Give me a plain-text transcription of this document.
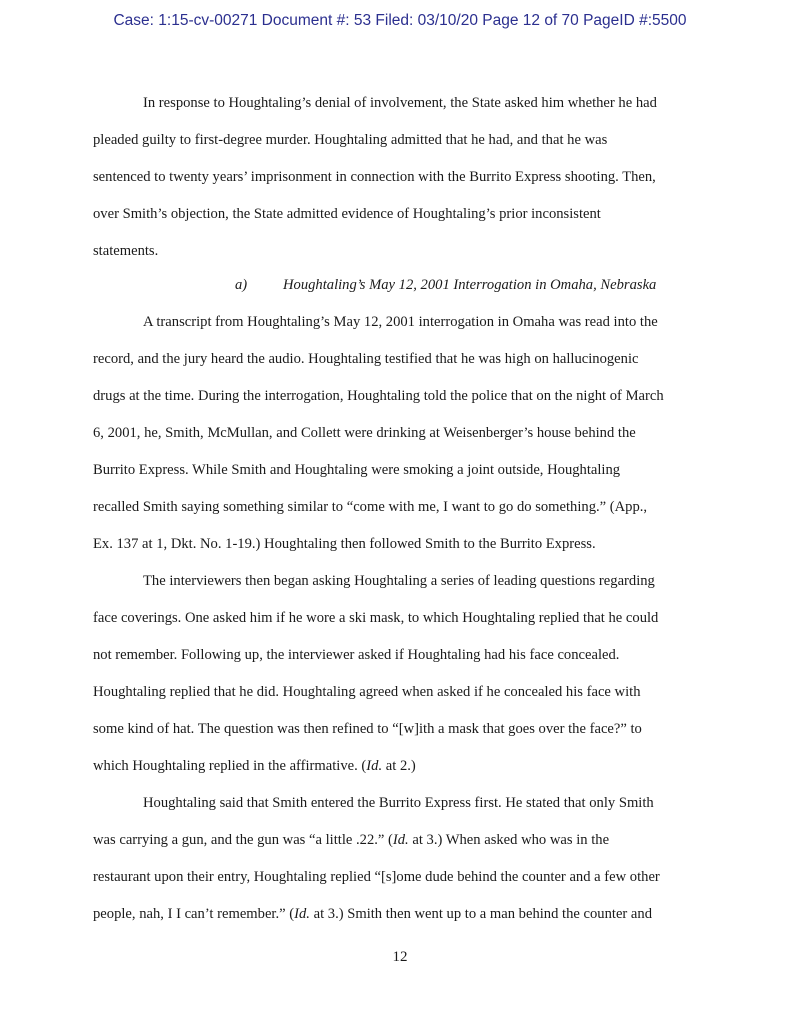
Case: 1:15-cv-00271 Document #: 53 Filed: 03/10/20 Page 12 of 70 PageID #:5500
In response to Houghtaling’s denial of involvement, the State asked him whether he had
pleaded guilty to first-degree murder. Houghtaling admitted that he had, and that he was
sentenced to twenty years’ imprisonment in connection with the Burrito Express shooting. Then,
over Smith’s objection, the State admitted evidence of Houghtaling’s prior inconsistent
statements.
a) Houghtaling’s May 12, 2001 Interrogation in Omaha, Nebraska
A transcript from Houghtaling’s May 12, 2001 interrogation in Omaha was read into the
record, and the jury heard the audio. Houghtaling testified that he was high on hallucinogenic
drugs at the time. During the interrogation, Houghtaling told the police that on the night of March
6, 2001, he, Smith, McMullan, and Collett were drinking at Weisenberger’s house behind the
Burrito Express. While Smith and Houghtaling were smoking a joint outside, Houghtaling
recalled Smith saying something similar to “come with me, I want to go do something.” (App.,
Ex. 137 at 1, Dkt. No. 1-19.) Houghtaling then followed Smith to the Burrito Express.
The interviewers then began asking Houghtaling a series of leading questions regarding
face coverings. One asked him if he wore a ski mask, to which Houghtaling replied that he could
not remember. Following up, the interviewer asked if Houghtaling had his face concealed.
Houghtaling replied that he did. Houghtaling agreed when asked if he concealed his face with
some kind of hat. The question was then refined to “[w]ith a mask that goes over the face?” to
which Houghtaling replied in the affirmative. (Id. at 2.)
Houghtaling said that Smith entered the Burrito Express first. He stated that only Smith
was carrying a gun, and the gun was “a little .22.” (Id. at 3.) When asked who was in the
restaurant upon their entry, Houghtaling replied “[s]ome dude behind the counter and a few other
people, nah, I I can’t remember.” (Id. at 3.) Smith then went up to a man behind the counter and
12
